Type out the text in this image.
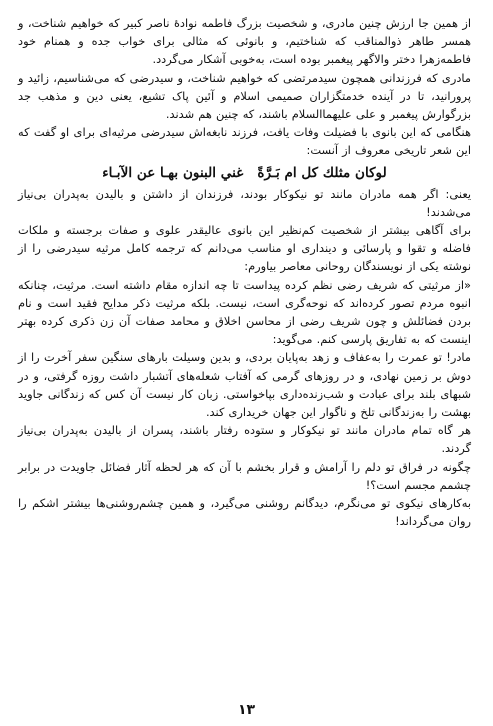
از همین جا ارزش چنین مادری، و شخصیت بزرگ فاطمه نوادهٔ ناصر کبیر که خواهیم شناخت، و همسر طاهر ذوالمناقب که شناختیم، و بانوئی که مثالی برای خواب جده و همنام خود فاطمه‌زهرا دختر والاگهر پیغمبر بوده است، به‌خوبی آشکار می‌گردد.

مادری که فرزندانی همچون سیدمرتضی که خواهیم شناخت، و سیدرضی که می‌شناسیم، زائید و پرورانید، تا در آینده خدمتگزاران صمیمی اسلام و آئین پاک تشیع، یعنی دین و مذهب جد بزرگوارش پیغمبر و علی علیهماالسلام باشند، که چنین هم شدند.

هنگامی که این بانوی با فضیلت وفات یافت، فرزند نابغه‌اش سیدرضی مرثیه‌ای برای او گفت که این شعر تاریخی معروف از آنست:

لوكان مثلك كل ام بَـرَّةً
غني البنون بهـا عن الآبـاء

یعنی: اگر همه مادران مانند تو نیکوکار بودند، فرزندان از داشتن و بالیدن به‌پدران بی‌نیاز می‌شدند!

برای آگاهی بیشتر از شخصیت کم‌نظیر این بانوی عالیقدر علوی و صفات برجسته و ملکات فاضله و تقوا و پارسائی و دینداری او مناسب می‌دانم که ترجمه کامل مرثیه سیدرضی را از نوشته یکی از نویسندگان روحانی معاصر بیاورم:

«از مرثیتی که شریف رضی نظم کرده پیداست تا چه اندازه مقام داشته است. مرثیت، چنانکه انبوه مردم تصور کرده‌اند که نوحه‌گری است، نیست. بلکه مرثیت ذکر مدایح فقید است و نام بردن فضائلش و چون شریف رضی از محاسن اخلاق و محامد صفات آن زن ذکری کرده بهتر اینست که به تفاریق پارسی کنم. می‌گوید:

مادر! تو عمرت را به‌عفاف و زهد به‌پایان بردی، و بدین وسیلت بارهای سنگین سفر آخرت را از دوش بر زمین نهادی، و در روزهای گرمی که آفتاب شعله‌های آتشبار داشت روزه گرفتی، و در شبهای بلند برای عبادت و شب‌زنده‌داری بپا‌خواستی. زبان کار نیست آن کس که زندگانی جاوید بهشت را به‌زندگانی تلخ و ناگوار این جهان خریداری کند.

هر گاه تمام مادران مانند تو نیکوکار و ستوده رفتار باشند، پسران از بالیدن به‌پدران بی‌نیاز گردند.

چگونه در فراق تو دلم را آرامش و قرار بخشم با آن که هر لحظه آثار فضائل جاویدت در برابر چشمم مجسم است؟!

به‌کارهای نیکوی تو می‌نگرم، دیدگانم روشنی می‌گیرد، و همین چشم‌روشنی‌ها بیشتر اشکم را روان می‌گرداند!

۱۳
